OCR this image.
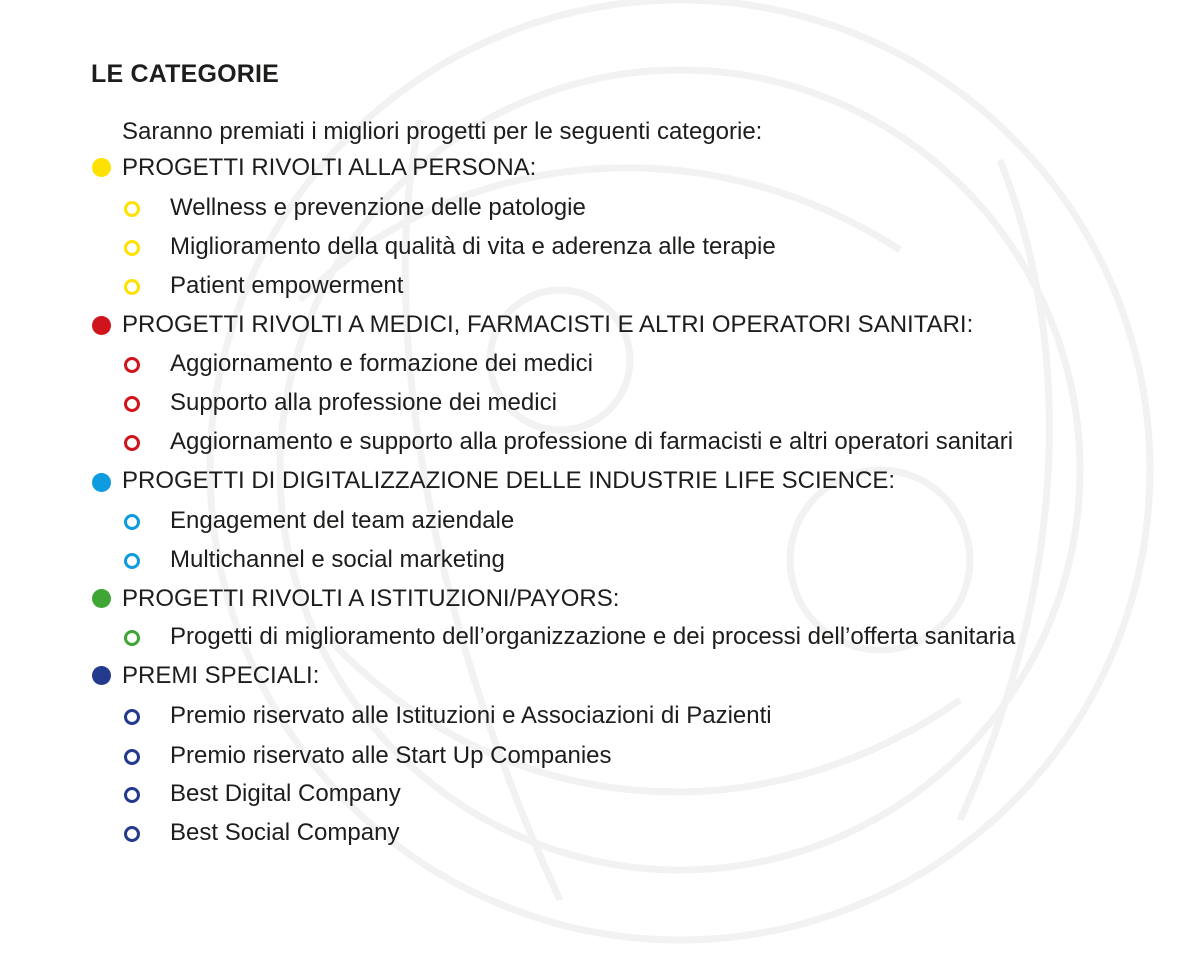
LE CATEGORIE

Saranno premiati i migliori progetti per le seguenti categorie:

PROGETTI RIVOLTI ALLA PERSONA:
Wellness e prevenzione delle patologie
Miglioramento della qualità di vita e aderenza alle terapie
Patient empowerment
PROGETTI RIVOLTI A MEDICI, FARMACISTI E ALTRI OPERATORI SANITARI:
Aggiornamento e formazione dei medici
Supporto alla professione dei medici
Aggiornamento e supporto alla professione di farmacisti e altri operatori sanitari
PROGETTI DI DIGITALIZZAZIONE DELLE INDUSTRIE LIFE SCIENCE:
Engagement del team aziendale
Multichannel e social marketing
PROGETTI RIVOLTI A ISTITUZIONI/PAYORS:
Progetti di miglioramento dell’organizzazione e dei processi dell’offerta sanitaria
PREMI SPECIALI:
Premio riservato alle Istituzioni e Associazioni di Pazienti
Premio riservato alle Start Up Companies
Best Digital Company
Best Social Company
